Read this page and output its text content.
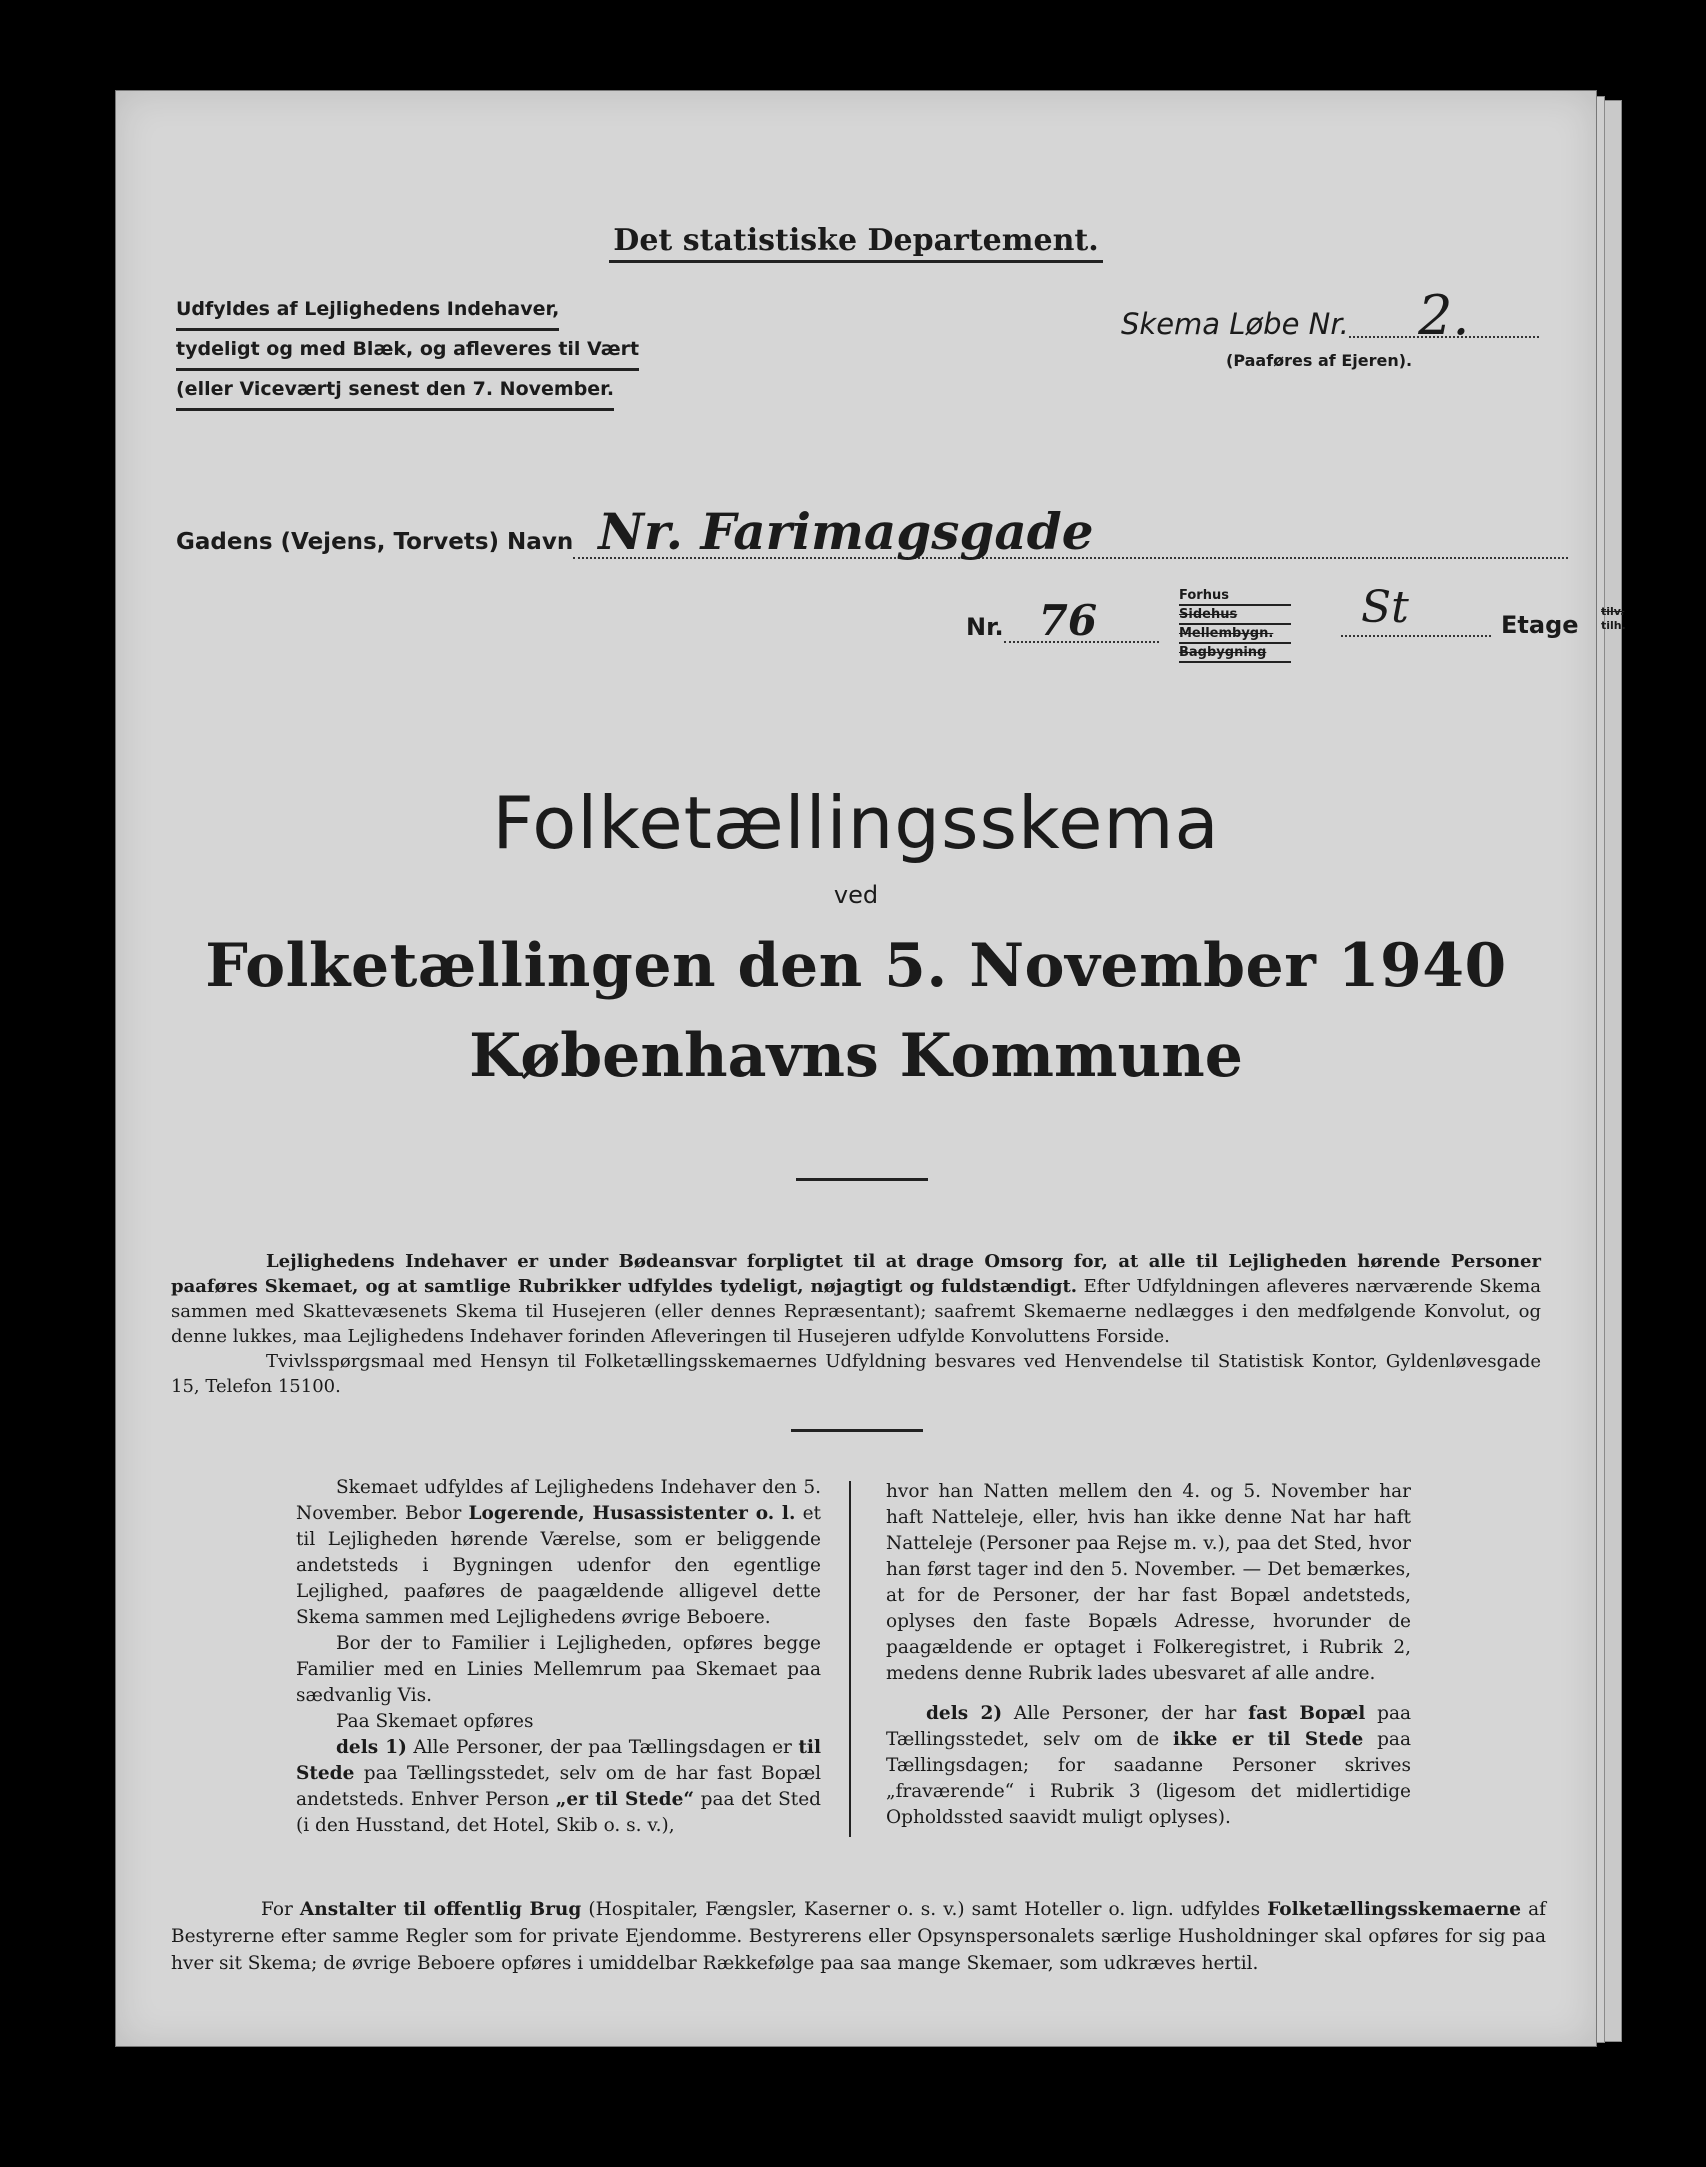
Det statistiske Departement.
Udfyldes af Lejlighedens Indehaver,
tydeligt og med Blæk, og afleveres til Vært
(eller Viceværtj senest den 7. November.
Skema Løbe Nr. 2.
(Paaføres af Ejeren).
Gadens (Vejens, Torvets) Navn Nr. Farimagsgade
Nr. 76
Forhus
Sidehus
Mellembygn.
Bagbygning
St	Etage tilv.
tilh.
Folketællingsskema
ved
Folketællingen den 5. November 1940
Københavns Kommune

Lejlighedens Indehaver er under Bødeansvar forpligtet til at drage Omsorg for, at alle til Lejligheden hørende Personer paaføres Skemaet, og at samtlige Rubrikker udfyldes tydeligt, nøjagtigt og fuldstændigt. Efter Udfyldningen afleveres nærværende Skema sammen med Skattevæsenets Skema til Husejeren (eller dennes Repræsentant); saafremt Skemaerne nedlægges i den medfølgende Konvolut, og denne lukkes, maa Lejlighedens Indehaver forinden Afleveringen til Husejeren udfylde Konvoluttens Forside.

Tvivlsspørgsmaal med Hensyn til Folketællingsskemaernes Udfyldning besvares ved Henvendelse til Statistisk Kontor, Gyldenløvesgade 15, Telefon 15100.

Skemaet udfyldes af Lejlighedens Indehaver den 5. November. Bebor Logerende, Husassistenter o. l. et til Lejligheden hørende Værelse, som er beliggende andetsteds i Bygningen udenfor den egentlige Lejlighed, paaføres de paagældende alligevel dette Skema sammen med Lejlighedens øvrige Beboere.

Bor der to Familier i Lejligheden, opføres begge Familier med en Linies Mellemrum paa Skemaet paa sædvanlig Vis.

Paa Skemaet opføres

dels 1) Alle Personer, der paa Tællingsdagen er til Stede paa Tællingsstedet, selv om de har fast Bopæl andetsteds. Enhver Person „er til Stede“ paa det Sted (i den Husstand, det Hotel, Skib o. s. v.),

hvor han Natten mellem den 4. og 5. November har haft Natteleje, eller, hvis han ikke denne Nat har haft Natteleje (Personer paa Rejse m. v.), paa det Sted, hvor han først tager ind den 5. November. — Det bemærkes, at for de Personer, der har fast Bopæl andetsteds, oplyses den faste Bopæls Adresse, hvorunder de paagældende er optaget i Folkeregistret, i Rubrik 2, medens denne Rubrik lades ubesvaret af alle andre.

dels 2) Alle Personer, der har fast Bopæl paa Tællingsstedet, selv om de ikke er til Stede paa Tællingsdagen; for saadanne Personer skrives „fraværende“ i Rubrik 3 (ligesom det midlertidige Opholdssted saavidt muligt oplyses).

For Anstalter til offentlig Brug (Hospitaler, Fængsler, Kaserner o. s. v.) samt Hoteller o. lign. udfyldes Folketællingsskemaerne af Bestyrerne efter samme Regler som for private Ejendomme. Bestyrerens eller Opsynspersonalets særlige Husholdninger skal opføres for sig paa hver sit Skema; de øvrige Beboere opføres i umiddelbar Rækkefølge paa saa mange Skemaer, som udkræves hertil.
